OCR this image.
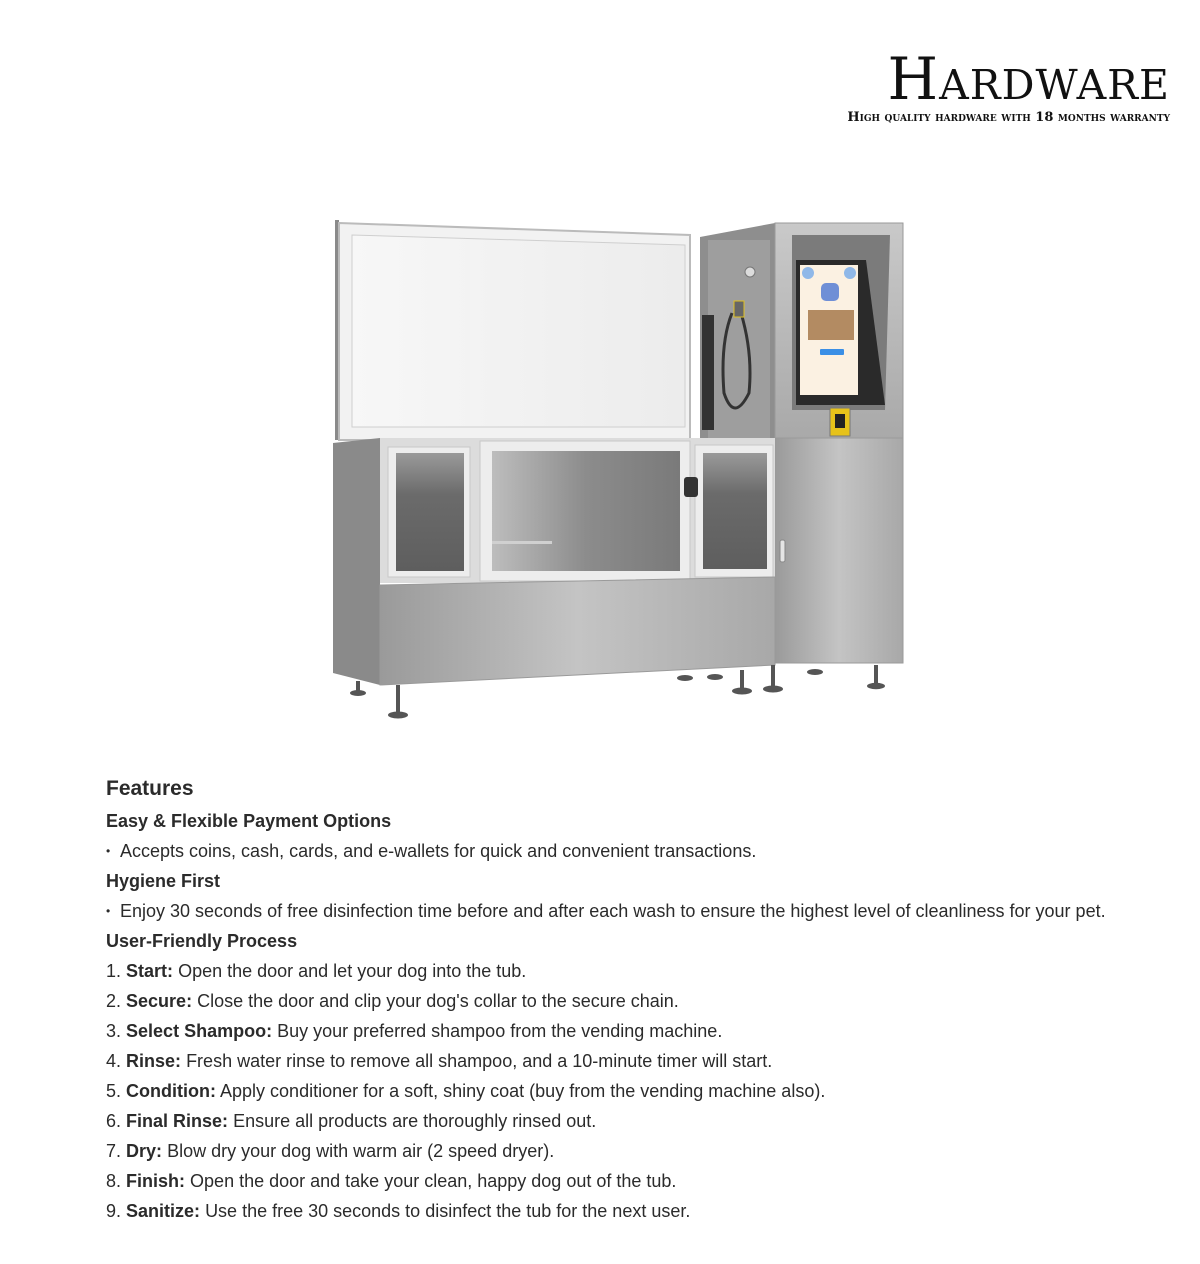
Hardware
High quality hardware with 18 months warranty
Features
Easy & Flexible Payment Options
• Accepts coins, cash, cards, and e-wallets for quick and convenient transactions.
Hygiene First
• Enjoy 30 seconds of free disinfection time before and after each wash to ensure the highest level of cleanliness for your pet.
User-Friendly Process
1. Start: Open the door and let your dog into the tub.
2. Secure: Close the door and clip your dog's collar to the secure chain.
3. Select Shampoo: Buy your preferred shampoo from the vending machine.
4. Rinse: Fresh water rinse to remove all shampoo, and a 10-minute timer will start.
5. Condition: Apply conditioner for a soft, shiny coat (buy from the vending machine also).
6. Final Rinse: Ensure all products are thoroughly rinsed out.
7. Dry: Blow dry your dog with warm air (2 speed dryer).
8. Finish: Open the door and take your clean, happy dog out of the tub.
9. Sanitize: Use the free 30 seconds to disinfect the tub for the next user.
